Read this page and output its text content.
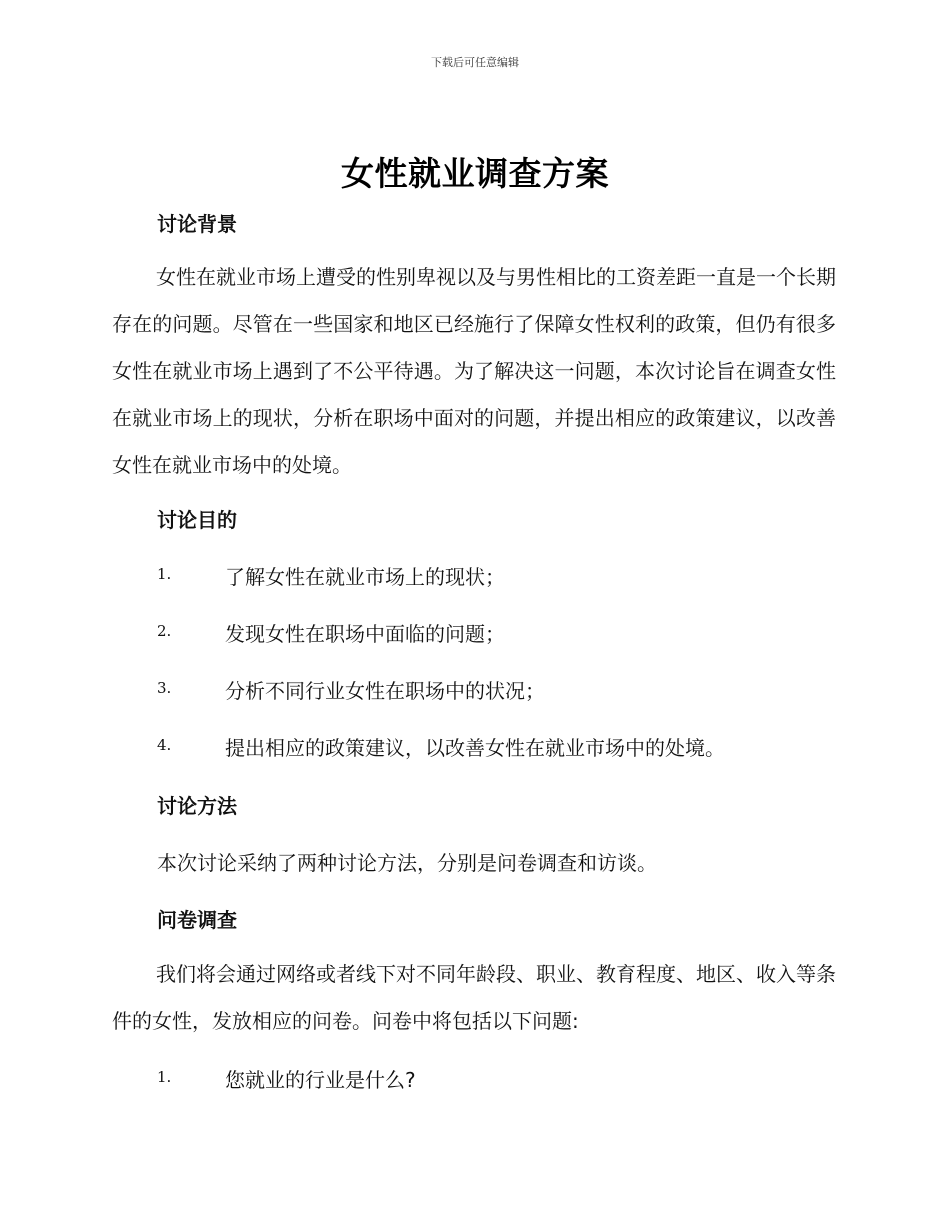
下载后可任意编辑
女性就业调查方案
讨论背景
女性在就业市场上遭受的性别卑视以及与男性相比的工资差距一直是一个长期存在的问题。尽管在一些国家和地区已经施行了保障女性权利的政策，但仍有很多女性在就业市场上遇到了不公平待遇。为了解决这一问题，本次讨论旨在调查女性在就业市场上的现状，分析在职场中面对的问题，并提出相应的政策建议，以改善女性在就业市场中的处境。
讨论目的
1.	了解女性在就业市场上的现状；
2.	发现女性在职场中面临的问题；
3.	分析不同行业女性在职场中的状况；
4.	提出相应的政策建议，以改善女性在就业市场中的处境。
讨论方法
本次讨论采纳了两种讨论方法，分别是问卷调查和访谈。
问卷调查
我们将会通过网络或者线下对不同年龄段、职业、教育程度、地区、收入等条件的女性，发放相应的问卷。问卷中将包括以下问题:
1.	您就业的行业是什么?
